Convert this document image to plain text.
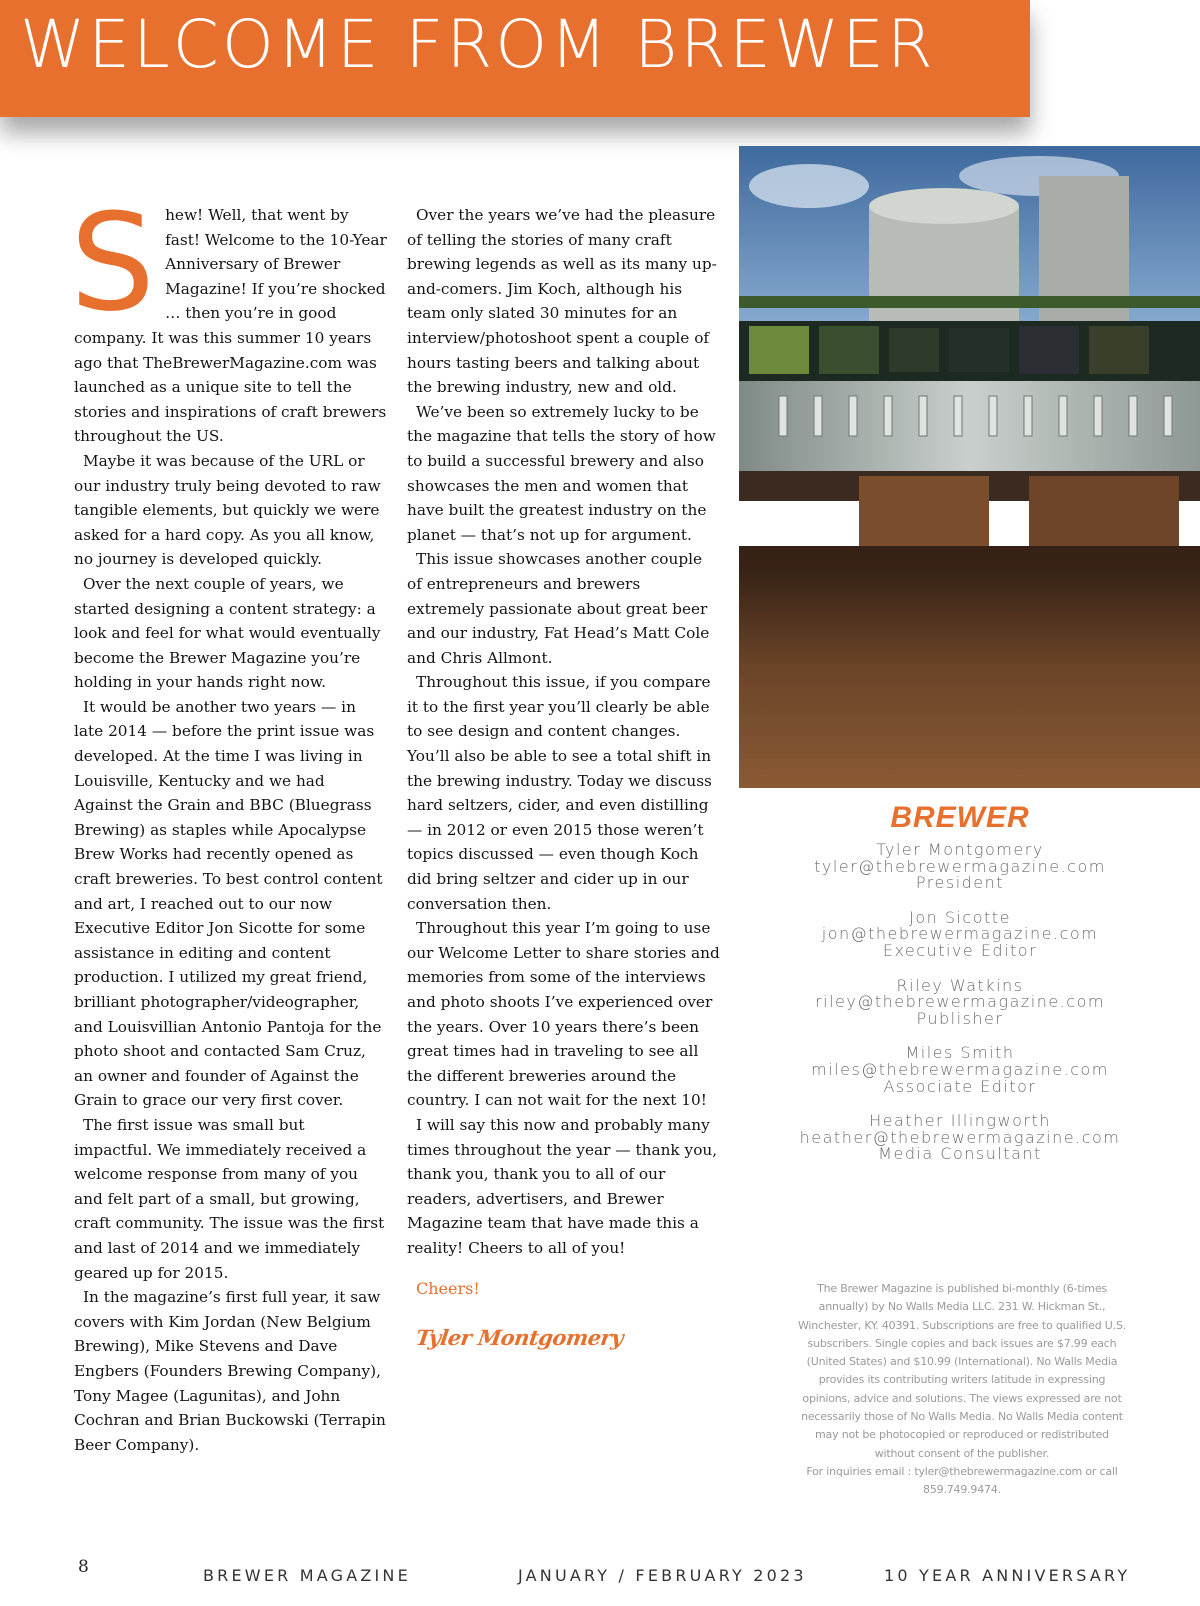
WELCOME FROM BREWER
S hew! Well, that went by fast! Welcome to the 10-Year Anniversary of Brewer Magazine! If you’re shocked … then you’re in good company. It was this summer 10 years ago that TheBrewerMagazine.com was launched as a unique site to tell the stories and inspirations of craft brewers throughout the US.

Maybe it was because of the URL or our industry truly being devoted to raw tangible elements, but quickly we were asked for a hard copy. As you all know, no journey is developed quickly.

Over the next couple of years, we started designing a content strategy: a look and feel for what would eventually become the Brewer Magazine you’re holding in your hands right now.

It would be another two years — in late 2014 — before the print issue was developed. At the time I was living in Louisville, Kentucky and we had Against the Grain and BBC (Bluegrass Brewing) as staples while Apocalypse Brew Works had recently opened as craft breweries. To best control content and art, I reached out to our now Executive Editor Jon Sicotte for some assistance in editing and content production. I utilized my great friend, brilliant photographer/videographer, and Louisvillian Antonio Pantoja for the photo shoot and contacted Sam Cruz, an owner and founder of Against the Grain to grace our very first cover.

The first issue was small but impactful. We immediately received a welcome response from many of you and felt part of a small, but growing, craft community. The issue was the first and last of 2014 and we immediately geared up for 2015.

In the magazine’s first full year, it saw covers with Kim Jordan (New Belgium Brewing), Mike Stevens and Dave Engbers (Founders Brewing Company), Tony Magee (Lagunitas), and John Cochran and Brian Buckowski (Terrapin Beer Company).

Over the years we’ve had the pleasure of telling the stories of many craft brewing legends as well as its many up-and-comers. Jim Koch, although his team only slated 30 minutes for an interview/photoshoot spent a couple of hours tasting beers and talking about the brewing industry, new and old.

We’ve been so extremely lucky to be the magazine that tells the story of how to build a successful brewery and also showcases the men and women that have built the greatest industry on the planet — that’s not up for argument.

This issue showcases another couple of entrepreneurs and brewers extremely passionate about great beer and our industry, Fat Head’s Matt Cole and Chris Allmont.

Throughout this issue, if you compare it to the first year you’ll clearly be able to see design and content changes. You’ll also be able to see a total shift in the brewing industry. Today we discuss hard seltzers, cider, and even distilling — in 2012 or even 2015 those weren’t topics discussed — even though Koch did bring seltzer and cider up in our conversation then.

Throughout this year I’m going to use our Welcome Letter to share stories and memories from some of the interviews and photo shoots I’ve experienced over the years. Over 10 years there’s been great times had in traveling to see all the different breweries around the country. I can not wait for the next 10!

I will say this now and probably many times throughout the year — thank you, thank you, thank you to all of our readers, advertisers, and Brewer Magazine team that have made this a reality! Cheers to all of you!

Cheers!
Tyler Montgomery
BREWER
Tyler Montgomery
tyler@thebrewermagazine.com
President
Jon Sicotte
jon@thebrewermagazine.com
Executive Editor
Riley Watkins
riley@thebrewermagazine.com
Publisher
Miles Smith
miles@thebrewermagazine.com
Associate Editor
Heather Illingworth
heather@thebrewermagazine.com
Media Consultant
The Brewer Magazine is published bi-monthly (6-times annually) by No Walls Media LLC. 231 W. Hickman St., Winchester, KY. 40391. Subscriptions are free to qualified U.S. subscribers. Single copies and back issues are $7.99 each (United States) and $10.99 (International). No Walls Media provides its contributing writers latitude in expressing opinions, advice and solutions. The views expressed are not necessarily those of No Walls Media. No Walls Media content may not be photocopied or reproduced or redistributed without consent of the publisher.
For inquiries email : tyler@thebrewermagazine.com or call 859.749.9474.
8	BREWER MAGAZINE	JANUARY / FEBRUARY 2023	10 YEAR ANNIVERSARY
